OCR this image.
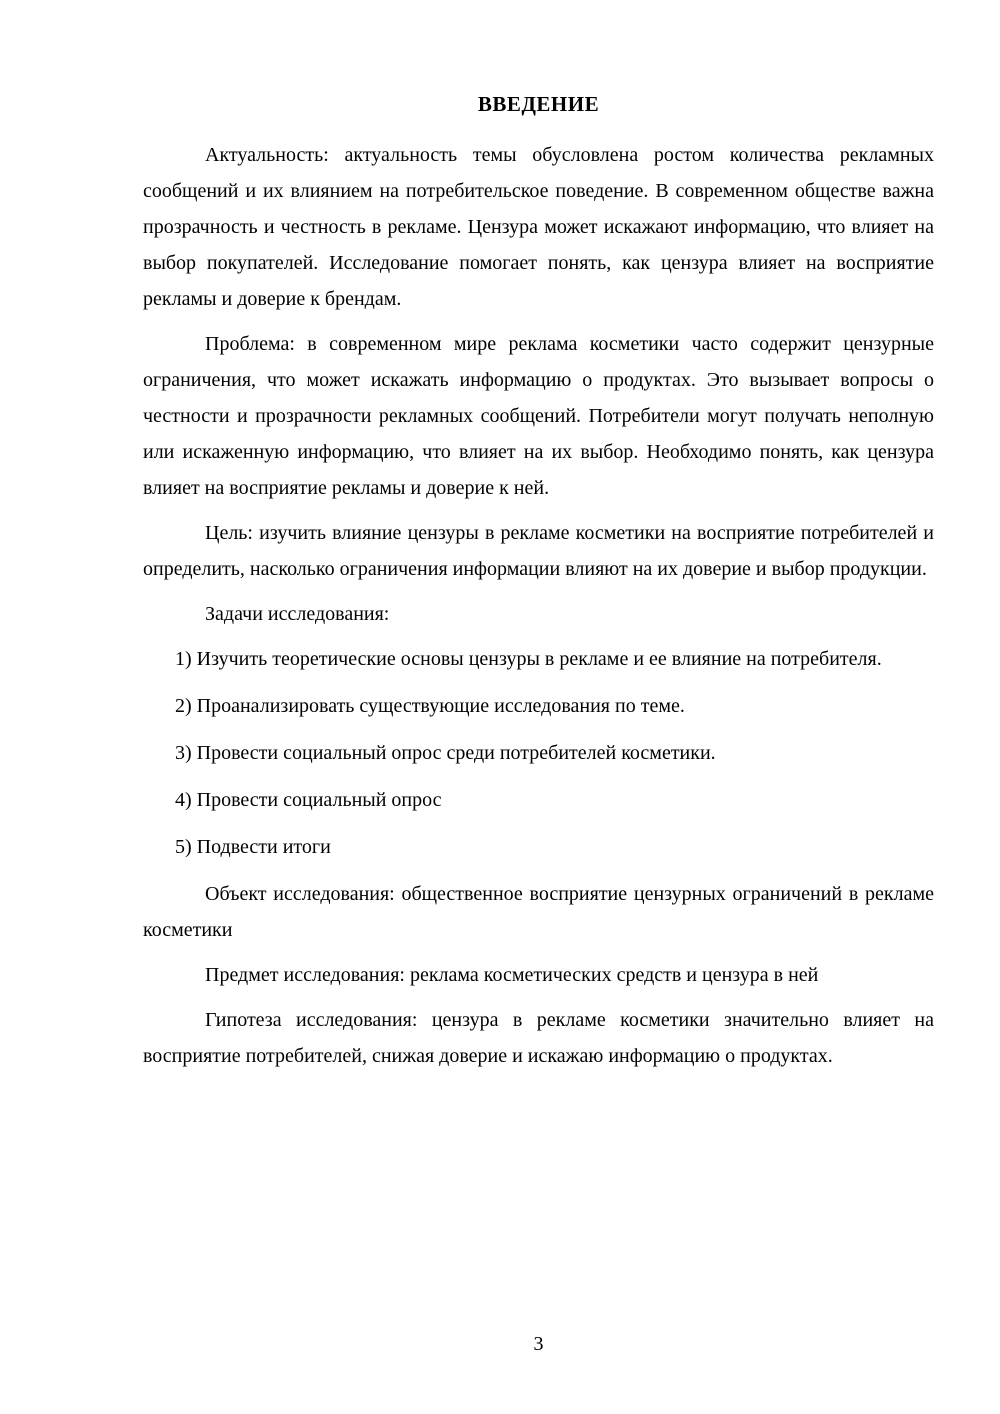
ВВЕДЕНИЕ

Актуальность: актуальность темы обусловлена ростом количества рекламных сообщений и их влиянием на потребительское поведение. В современном обществе важна прозрачность и честность в рекламе. Цензура может искажают информацию, что влияет на выбор покупателей. Исследование помогает понять, как цензура влияет на восприятие рекламы и доверие к брендам.

Проблема: в современном мире реклама косметики часто содержит цензурные ограничения, что может искажать информацию о продуктах. Это вызывает вопросы о честности и прозрачности рекламных сообщений. Потребители могут получать неполную или искаженную информацию, что влияет на их выбор. Необходимо понять, как цензура влияет на восприятие рекламы и доверие к ней.

Цель: изучить влияние цензуры в рекламе косметики на восприятие потребителей и определить, насколько ограничения информации влияют на их доверие и выбор продукции.

Задачи исследования:

1) Изучить теоретические основы цензуры в рекламе и ее влияние на потребителя.

2) Проанализировать существующие исследования по теме.

3) Провести социальный опрос среди потребителей косметики.

4) Провести социальный опрос

5) Подвести итоги

Объект исследования: общественное восприятие цензурных ограничений в рекламе косметики

Предмет исследования: реклама косметических средств и цензура в ней

Гипотеза исследования: цензура в рекламе косметики значительно влияет на восприятие потребителей, снижая доверие и искажаю информацию о продуктах.

3
